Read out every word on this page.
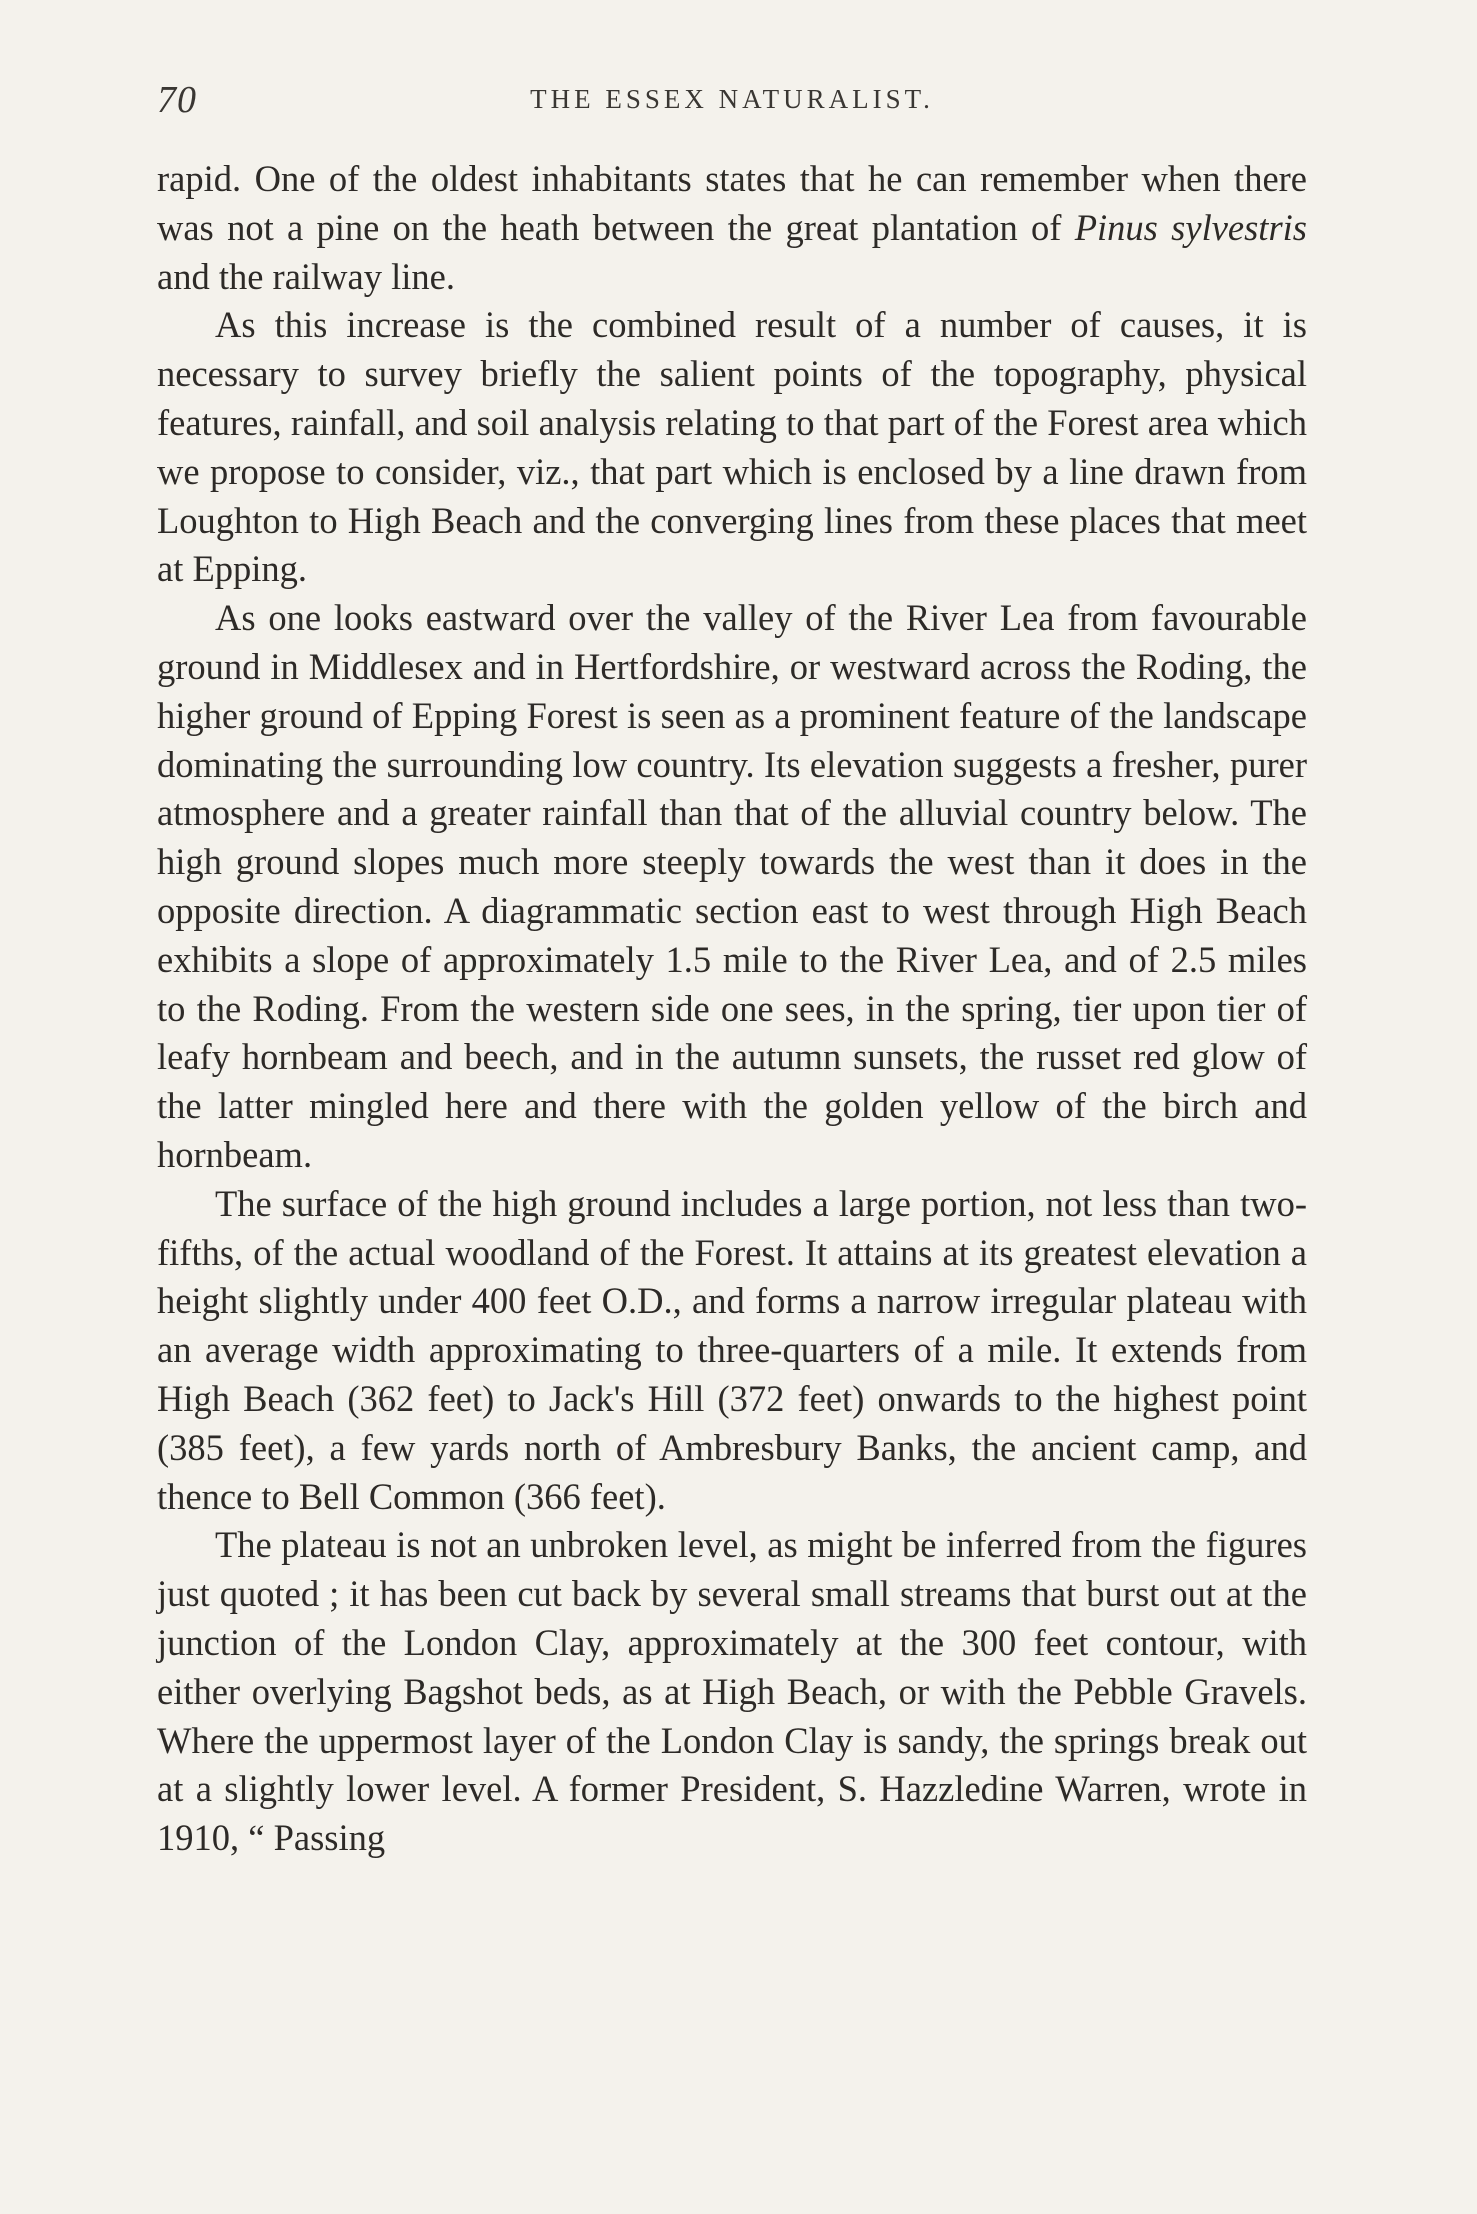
70	THE ESSEX NATURALIST.

rapid. One of the oldest inhabitants states that he can remember when there was not a pine on the heath between the great plantation of Pinus sylvestris and the railway line.

As this increase is the combined result of a number of causes, it is necessary to survey briefly the salient points of the topography, physical features, rainfall, and soil analysis relating to that part of the Forest area which we propose to consider, viz., that part which is enclosed by a line drawn from Loughton to High Beach and the converging lines from these places that meet at Epping.

As one looks eastward over the valley of the River Lea from favourable ground in Middlesex and in Hertfordshire, or westward across the Roding, the higher ground of Epping Forest is seen as a prominent feature of the landscape dominating the surrounding low country. Its elevation suggests a fresher, purer atmosphere and a greater rainfall than that of the alluvial country below. The high ground slopes much more steeply towards the west than it does in the opposite direction. A diagrammatic section east to west through High Beach exhibits a slope of approximately 1.5 mile to the River Lea, and of 2.5 miles to the Roding. From the western side one sees, in the spring, tier upon tier of leafy hornbeam and beech, and in the autumn sunsets, the russet red glow of the latter mingled here and there with the golden yellow of the birch and hornbeam.

The surface of the high ground includes a large portion, not less than two-fifths, of the actual woodland of the Forest. It attains at its greatest elevation a height slightly under 400 feet O.D., and forms a narrow irregular plateau with an average width approximating to three-quarters of a mile. It extends from High Beach (362 feet) to Jack's Hill (372 feet) onwards to the highest point (385 feet), a few yards north of Ambresbury Banks, the ancient camp, and thence to Bell Common (366 feet).

The plateau is not an unbroken level, as might be inferred from the figures just quoted ; it has been cut back by several small streams that burst out at the junction of the London Clay, approximately at the 300 feet contour, with either overlying Bagshot beds, as at High Beach, or with the Pebble Gravels. Where the uppermost layer of the London Clay is sandy, the springs break out at a slightly lower level. A former President, S. Hazzledine Warren, wrote in 1910, “ Passing
